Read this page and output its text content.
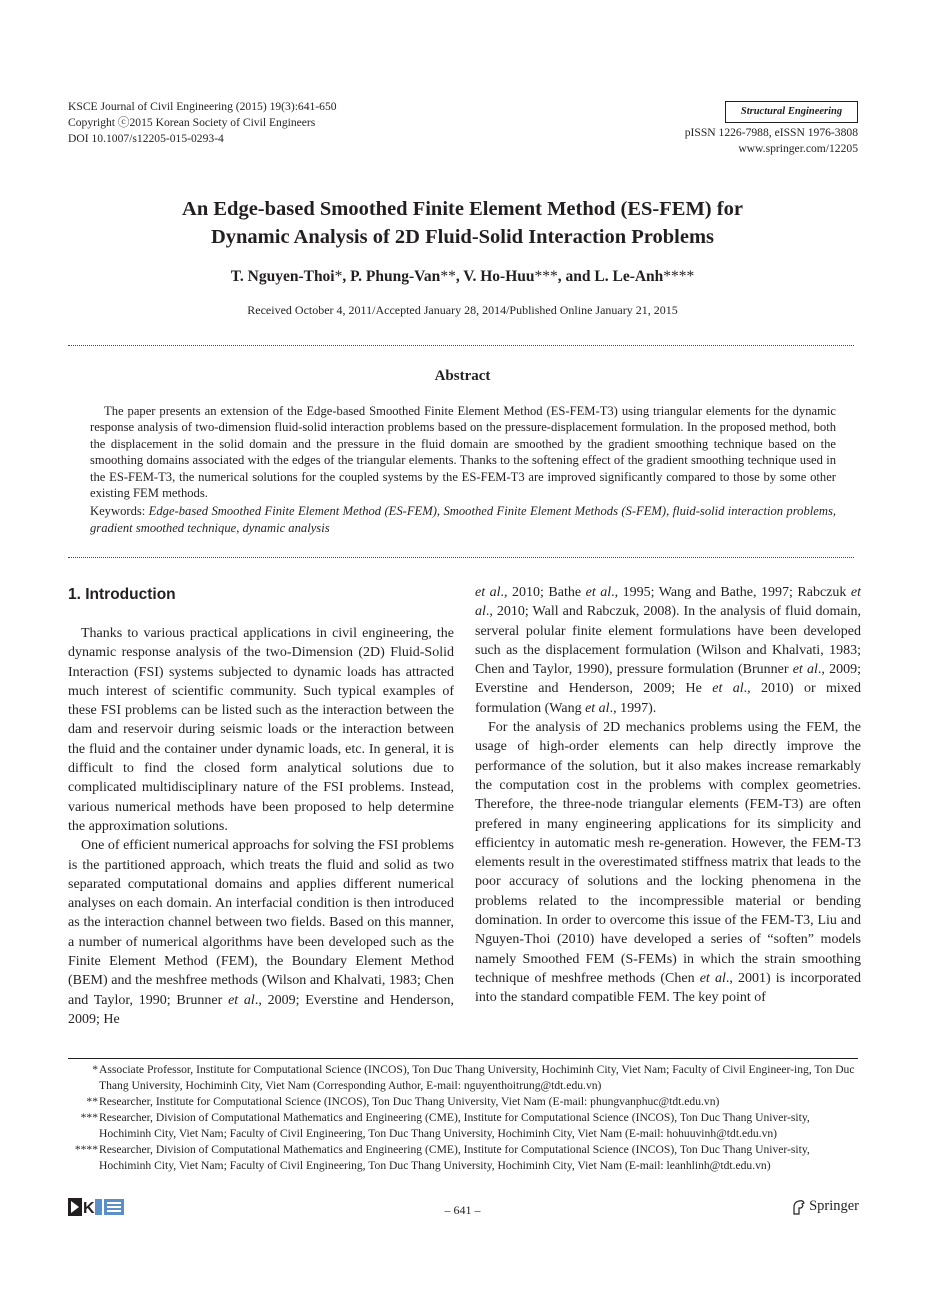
KSCE Journal of Civil Engineering (2015) 19(3):641-650
Copyright ⓒ2015 Korean Society of Civil Engineers
DOI 10.1007/s12205-015-0293-4
Structural Engineering
pISSN 1226-7988, eISSN 1976-3808
www.springer.com/12205
An Edge-based Smoothed Finite Element Method (ES-FEM) for
Dynamic Analysis of 2D Fluid-Solid Interaction Problems
T. Nguyen-Thoi*, P. Phung-Van**, V. Ho-Huu***, and L. Le-Anh****
Received October 4, 2011/Accepted January 28, 2014/Published Online January 21, 2015
Abstract

The paper presents an extension of the Edge-based Smoothed Finite Element Method (ES-FEM-T3) using triangular elements for the dynamic response analysis of two-dimension fluid-solid interaction problems based on the pressure-displacement formulation. In the proposed method, both the displacement in the solid domain and the pressure in the fluid domain are smoothed by the gradient smoothing technique based on the smoothing domains associated with the edges of the triangular elements. Thanks to the softening effect of the gradient smoothing technique used in the ES-FEM-T3, the numerical solutions for the coupled systems by the ES-FEM-T3 are improved significantly compared to those by some other existing FEM methods.

Keywords: Edge-based Smoothed Finite Element Method (ES-FEM), Smoothed Finite Element Methods (S-FEM), fluid-solid interaction problems, gradient smoothed technique, dynamic analysis
1. Introduction

Thanks to various practical applications in civil engineering, the dynamic response analysis of the two-Dimension (2D) Fluid-Solid Interaction (FSI) systems subjected to dynamic loads has attracted much interest of scientific community. Such typical examples of these FSI problems can be listed such as the interaction between the dam and reservoir during seismic loads or the interaction between the fluid and the container under dynamic loads, etc. In general, it is difficult to find the closed form analytical solutions due to complicated multidisciplinary nature of the FSI problems. Instead, various numerical methods have been proposed to help determine the approximation solutions.

One of efficient numerical approachs for solving the FSI problems is the partitioned approach, which treats the fluid and solid as two separated computational domains and applies different numerical analyses on each domain. An interfacial condition is then introduced as the interaction channel between two fields. Based on this manner, a number of numerical algorithms have been developed such as the Finite Element Method (FEM), the Boundary Element Method (BEM) and the meshfree methods (Wilson and Khalvati, 1983; Chen and Taylor, 1990; Brunner et al., 2009; Everstine and Henderson, 2009; He

et al., 2010; Bathe et al., 1995; Wang and Bathe, 1997; Rabczuk et al., 2010; Wall and Rabczuk, 2008). In the analysis of fluid domain, serveral polular finite element formulations have been developed such as the displacement formulation (Wilson and Khalvati, 1983; Chen and Taylor, 1990), pressure formulation (Brunner et al., 2009; Everstine and Henderson, 2009; He et al., 2010) or mixed formulation (Wang et al., 1997).

For the analysis of 2D mechanics problems using the FEM, the usage of high-order elements can help directly improve the performance of the solution, but it also makes increase remarkably the computation cost in the problems with complex geometries. Therefore, the three-node triangular elements (FEM-T3) are often prefered in many engineering applications for its simplicity and efficientcy in automatic mesh re-generation. However, the FEM-T3 elements result in the overestimated stiffness matrix that leads to the poor accuracy of solutions and the locking phenomena in the problems related to the incompressible material or bending domination. In order to overcome this issue of the FEM-T3, Liu and Nguyen-Thoi (2010) have developed a series of “soften” models namely Smoothed FEM (S-FEMs) in which the strain smoothing technique of meshfree methods (Chen et al., 2001) is incorporated into the standard compatible FEM. The key point of

* Associate Professor, Institute for Computational Science (INCOS), Ton Duc Thang University, Hochiminh City, Viet Nam; Faculty of Civil Engineer-ing, Ton Duc Thang University, Hochiminh City, Viet Nam (Corresponding Author, E-mail: nguyenthoitrung@tdt.edu.vn)
** Researcher, Institute for Computational Science (INCOS), Ton Duc Thang University, Viet Nam (E-mail: phungvanphuc@tdt.edu.vn)
*** Researcher, Division of Computational Mathematics and Engineering (CME), Institute for Computational Science (INCOS), Ton Duc Thang Univer-sity, Hochiminh City, Viet Nam; Faculty of Civil Engineering, Ton Duc Thang University, Hochiminh City, Viet Nam (E-mail: hohuuvinh@tdt.edu.vn)
**** Researcher, Division of Computational Mathematics and Engineering (CME), Institute for Computational Science (INCOS), Ton Duc Thang Univer-sity, Hochiminh City, Viet Nam; Faculty of Civil Engineering, Ton Duc Thang University, Hochiminh City, Viet Nam (E-mail: leanhlinh@tdt.edu.vn)
K	– 641 –	Springer
